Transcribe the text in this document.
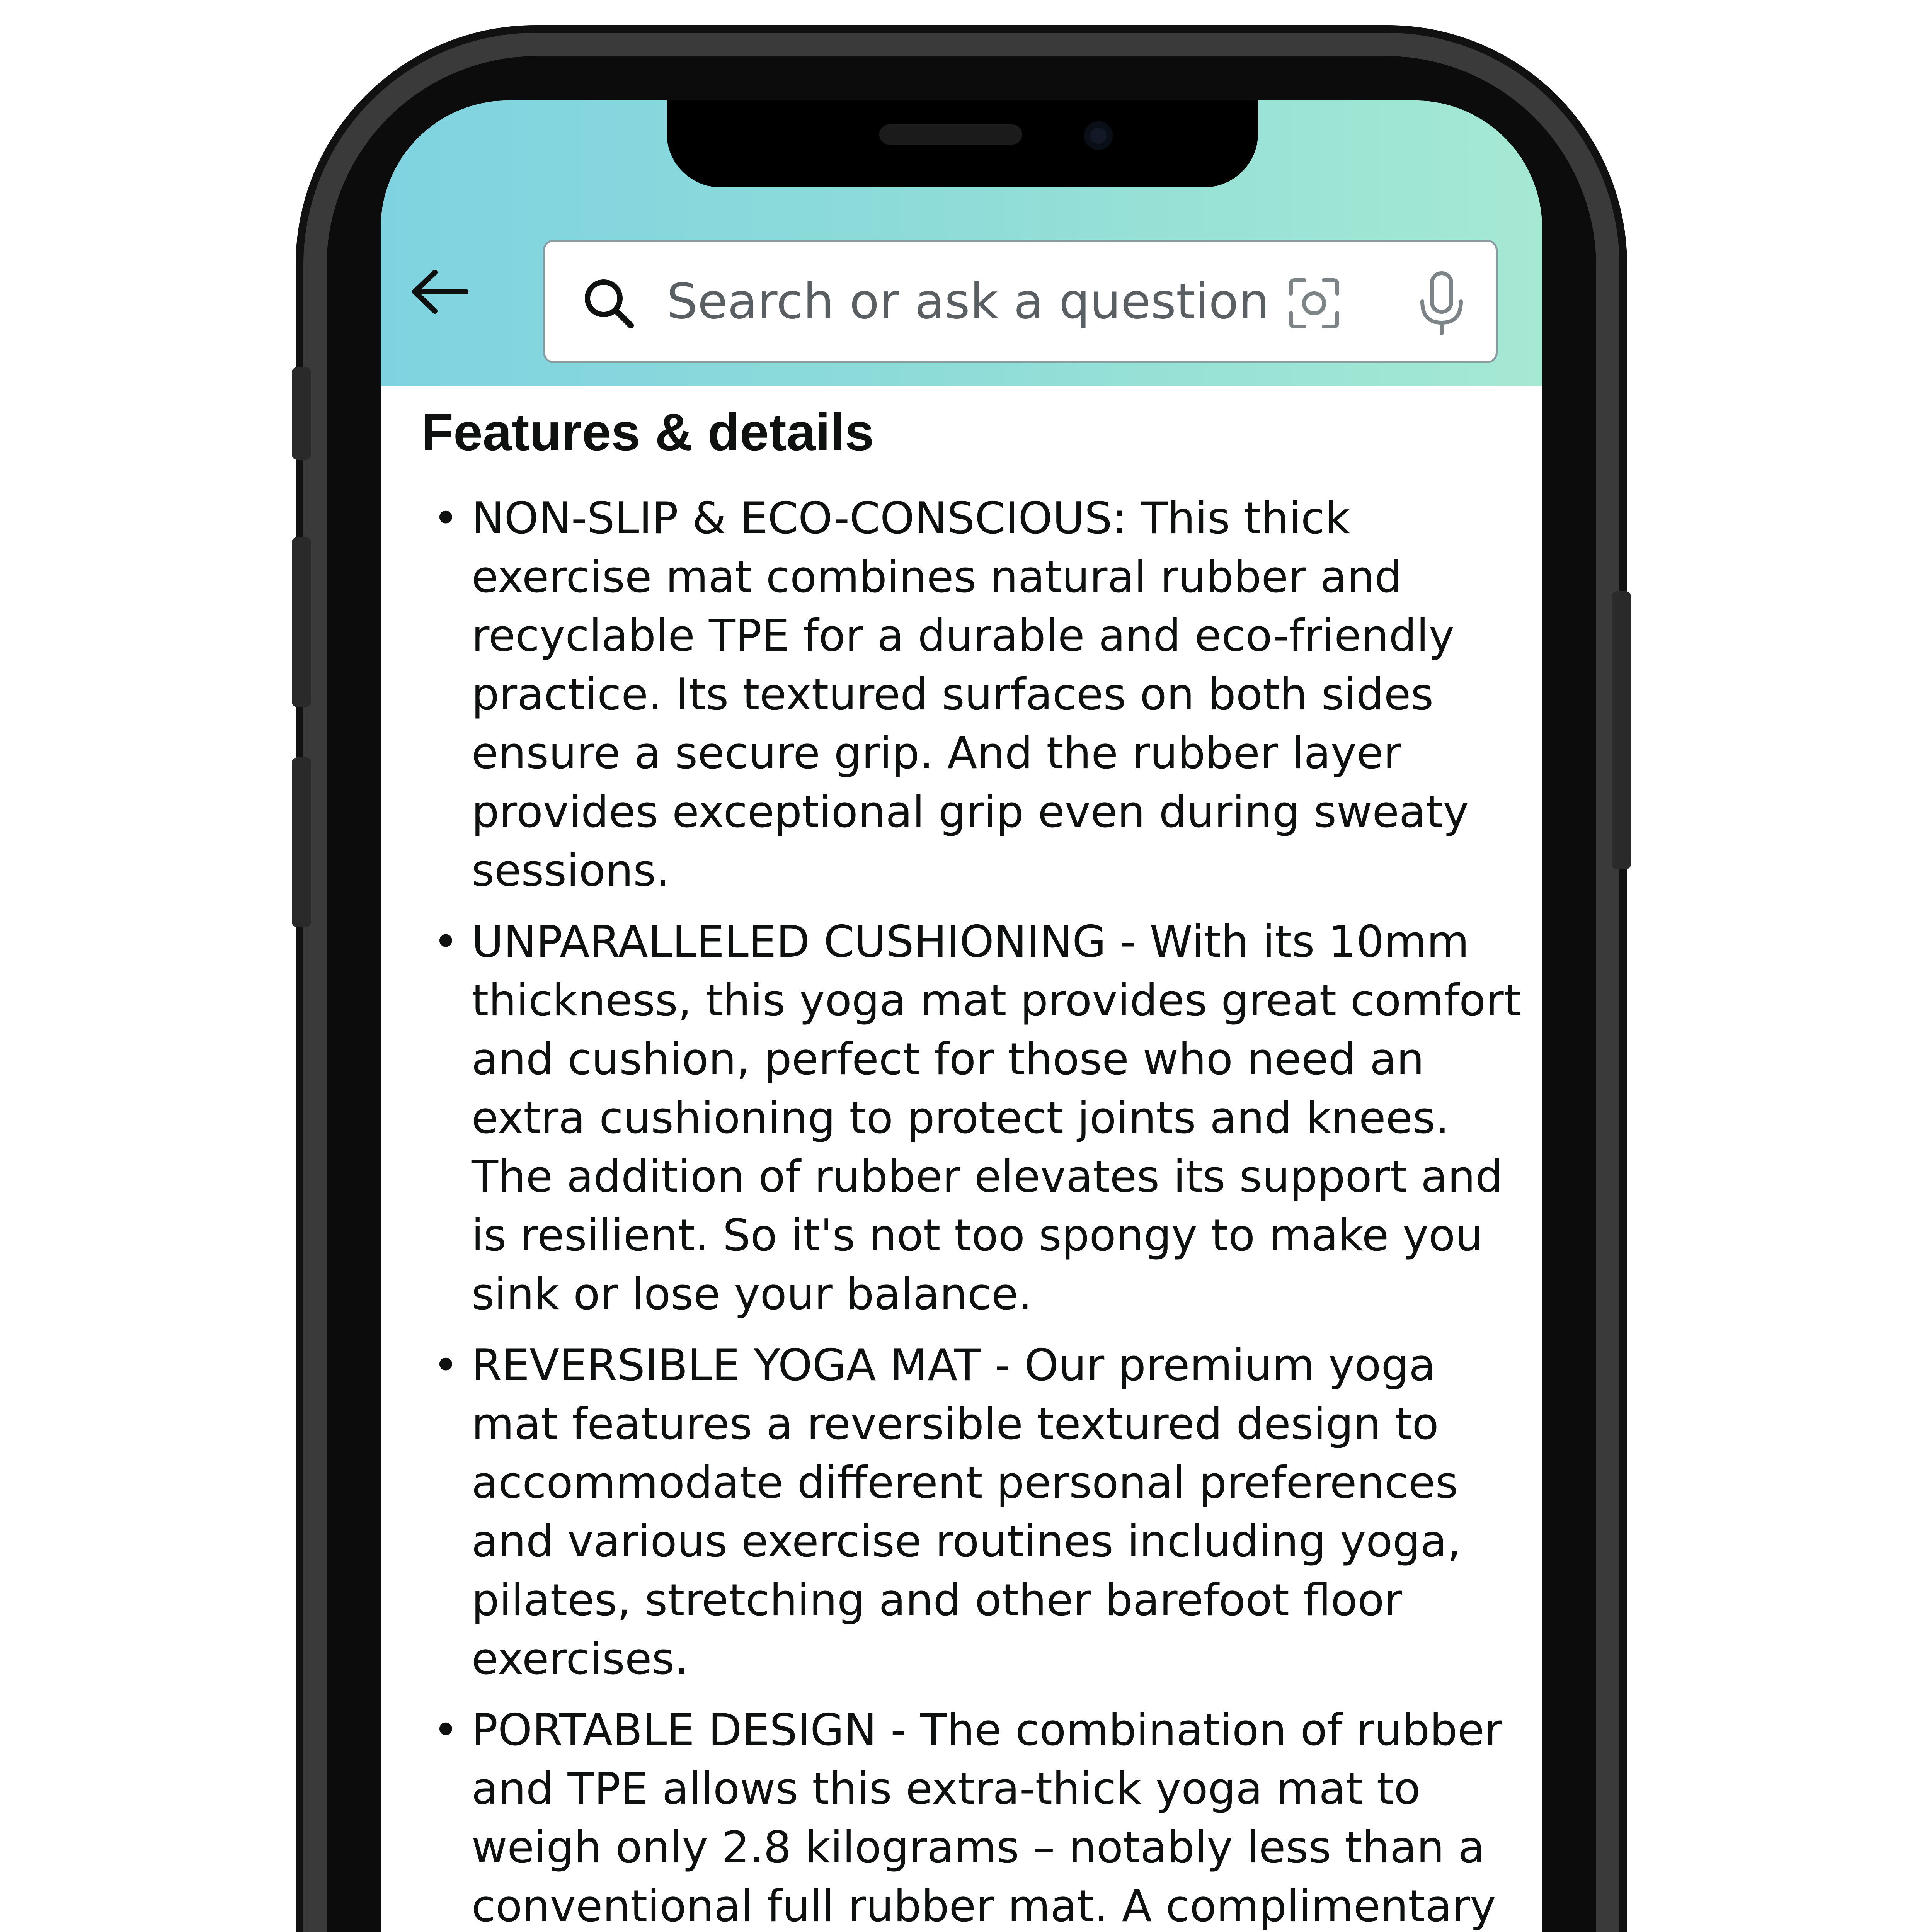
Search or ask a question
Features & details
• NON-SLIP & ECO-CONSCIOUS: This thick exercise mat combines natural rubber and recyclable TPE for a durable and eco-friendly practice. Its textured surfaces on both sides ensure a secure grip. And the rubber layer provides exceptional grip even during sweaty sessions.
• UNPARALLELED CUSHIONING - With its 10mm thickness, this yoga mat provides great comfort and cushion, perfect for those who need an extra cushioning to protect joints and knees. The addition of rubber elevates its support and is resilient. So it's not too spongy to make you sink or lose your balance.
• REVERSIBLE YOGA MAT - Our premium yoga mat features a reversible textured design to accommodate different personal preferences and various exercise routines including yoga, pilates, stretching and other barefoot floor exercises.
• PORTABLE DESIGN - The combination of rubber and TPE allows this extra-thick yoga mat to weigh only 2.8 kilograms – notably less than a conventional full rubber mat. A complimentary
